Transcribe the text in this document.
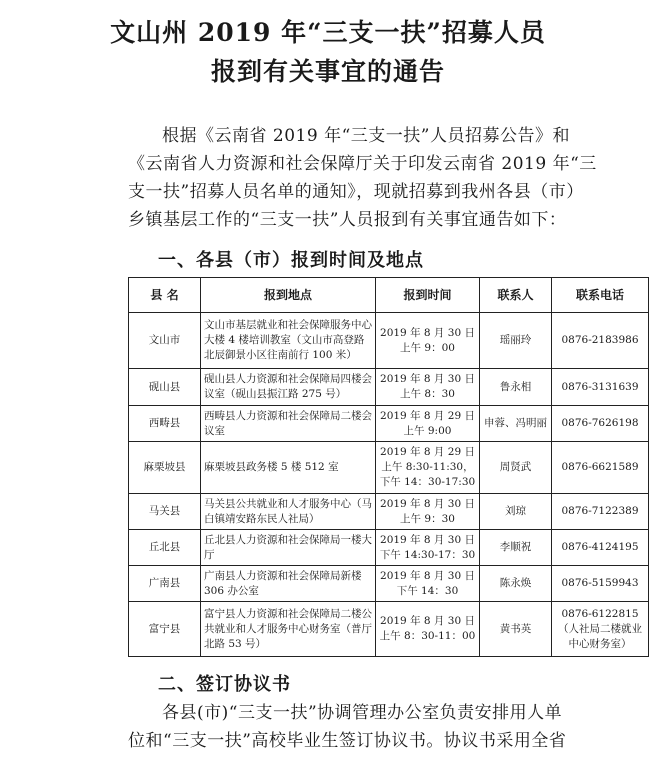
文山州 2019 年“三支一扶”招募人员
报到有关事宜的通告
根据《云南省 2019 年“三支一扶”人员招募公告》和
《云南省人力资源和社会保障厅关于印发云南省 2019 年“三
支一扶”招募人员名单的通知》，现就招募到我州各县（市）
乡镇基层工作的“三支一扶”人员报到有关事宜通告如下：
一、各县（市）报到时间及地点
县 名	报到地点	报到时间	联系人	联系电话
文山市	文山市基层就业和社会保障服务中心大楼 4 楼培训教室（文山市高登路北辰御景小区往南前行 100 米）	2019 年 8 月 30 日上午 9：00	瑶丽玲	0876-2183986
砚山县	砚山县人力资源和社会保障局四楼会议室（砚山县振江路 275 号）	2019 年 8 月 30 日上午 8：30	鲁永相	0876-3131639
西畴县	西畴县人力资源和社会保障局二楼会议室	2019 年 8 月 29 日上午 9:00	申蓉、冯明丽	0876-7626198
麻栗坡县	麻栗坡县政务楼 5 楼 512 室	2019 年 8 月 29 日上午 8:30-11:30，下午 14：30-17:30	周贤武	0876-6621589
马关县	马关县公共就业和人才服务中心（马白镇靖安路东民人社局）	2019 年 8 月 30 日上午 9：30	刘琼	0876-7122389
丘北县	丘北县人力资源和社会保障局一楼大厅	2019 年 8 月 30 日下午 14:30-17：30	李顺祝	0876-4124195
广南县	广南县人力资源和社会保障局新楼 306 办公室	2019 年 8 月 30 日下午 14：30	陈永焕	0876-5159943
富宁县	富宁县人力资源和社会保障局二楼公共就业和人才服务中心财务室（普厅北路 53 号）	2019 年 8 月 30 日上午 8：30-11：00	黄书英	0876-6122815（人社局二楼就业中心财务室）
二、签订协议书
各县(市)“三支一扶”协调管理办公室负责安排用人单
位和“三支一扶”高校毕业生签订协议书。协议书采用全省
